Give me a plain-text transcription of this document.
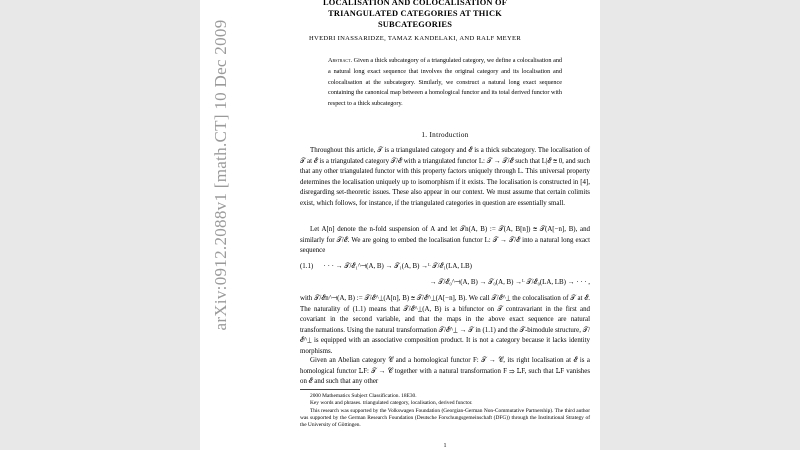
arXiv:0912.2088v1 [math.CT] 10 Dec 2009
LOCALISATION AND COLOCALISATION OF TRIANGULATED CATEGORIES AT THICK SUBCATEGORIES
HVEDRI INASSARIDZE, TAMAZ KANDELAKI, AND RALF MEYER
Abstract. Given a thick subcategory of a triangulated category, we define a colocalisation and a natural long exact sequence that involves the original category and its localisation and colocalisation at the subcategory. Similarly, we construct a natural long exact sequence containing the canonical map between a homological functor and its total derived functor with respect to a thick subcategory.
1. Introduction
Throughout this article, 𝒯 is a triangulated category and ℰ is a thick subcategory. The localisation of 𝒯 at ℰ is a triangulated category 𝒯/ℰ with a triangulated functor L: 𝒯 → 𝒯/ℰ such that L|ℰ ≅ 0, and such that any other triangulated functor with this property factors uniquely through L. This universal property determines the localisation uniquely up to isomorphism if it exists. The localisation is constructed in [4], disregarding set-theoretic issues. These also appear in our context. We must assume that certain colimits exist, which follows, for instance, if the triangulated categories in question are essentially small.
Let A[n] denote the n-fold suspension of A and let 𝒯n(A, B) := 𝒯(A, B[n]) ≅ 𝒯(A[−n], B), and similarly for 𝒯/ℰ. We are going to embed the localisation functor L: 𝒯 → 𝒯/ℰ into a natural long exact sequence
(1.1) · · · → 𝒯/ℰ₁^⊣(A, B) → 𝒯₁(A, B) →ᴸ 𝒯/ℰ₁(LA, LB)
→ 𝒯/ℰ₀^⊣(A, B) → 𝒯₀(A, B) →ᴸ 𝒯/ℰ₀(LA, LB) → · · · ,
with 𝒯/ℰn^⊣(A, B) := 𝒯/ℰ^⊥(A[n], B) ≅ 𝒯/ℰ^⊥(A[−n], B). We call 𝒯/ℰ^⊥ the colocalisation of 𝒯 at ℰ. The naturality of (1.1) means that 𝒯/ℰ^⊥(A, B) is a bifunctor on 𝒯 contravariant in the first and covariant in the second variable, and that the maps in the above exact sequence are natural transformations. Using the natural transformation 𝒯/ℰ^⊥ → 𝒯 in (1.1) and the 𝒯-bimodule structure, 𝒯/ℰ^⊥ is equipped with an associative composition product. It is not a category because it lacks identity morphisms.
Given an Abelian category 𝒞 and a homological functor F: 𝒯 → 𝒞, its right localisation at ℰ is a homological functor 𝕃F: 𝒯 → 𝒞 together with a natural transformation F ⇒ 𝕃F, such that 𝕃F vanishes on ℰ and such that any other

2000 Mathematics Subject Classification. 18E30.

Key words and phrases. triangulated category, localisation, derived functor.

This research was supported by the Volkswagen Foundation (Georgian-German Non-Commutative Partnership). The third author was supported by the German Research Foundation (Deutsche Forschungsgemeinschaft (DFG)) through the Institutional Strategy of the University of Göttingen.

1
